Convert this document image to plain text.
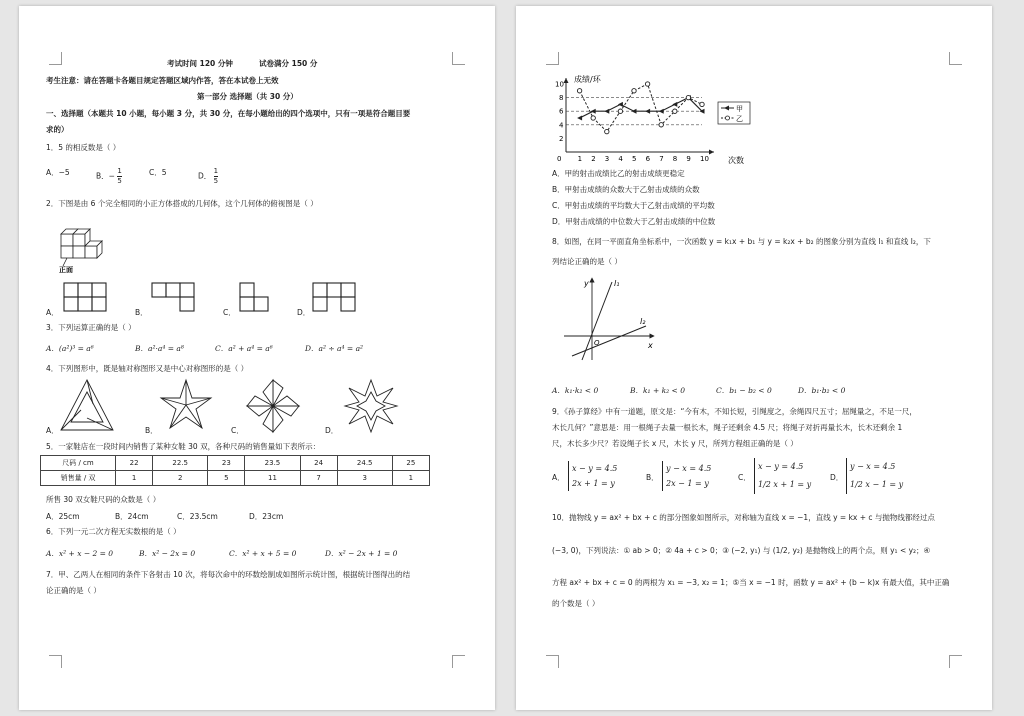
考试时间 120 分钟	试卷满分 150 分
考生注意：请在答题卡各题目规定答题区域内作答，答在本试卷上无效
第一部分 选择题（共 30 分）
一、选择题（本题共 10 小题，每小题 3 分，共 30 分，在每小题给出的四个选项中，只有一项是符合题目要
求的）
1．5 的相反数是（ ）
A．−5	B．− $\frac{1}{5}$	C．5	D． $\frac{1}{5}$
2．下图是由 6 个完全相同的小正方体搭成的几何体，这个几何体的俯视图是（ ）
正面
A．	B．	C．	D．
3．下列运算正确的是（ ）
A．(a²)³ = a⁶	B．a²·a⁴ = a⁸	C．a² + a⁴ = a⁶	D．a² ÷ a⁴ = a²
4．下列图形中，既是轴对称图形又是中心对称图形的是（ ）
A．	B．	C．	D．
5．一家鞋店在一段时间内销售了某种女鞋 30 双，各种尺码的销售量如下表所示：
尺码 / cm	22	22.5	23	23.5	24	24.5	25
销售量 / 双	1	2	5	11	7	3	1
所售 30 双女鞋尺码的众数是（ ）
A．25cm	B．24cm	C．23.5cm	D．23cm
6．下列一元二次方程无实数根的是（ ）
A．x² + x − 2 = 0	B．x² − 2x = 0	C．x² + x + 5 = 0	D．x² − 2x + 1 = 0
7．甲、乙两人在相同的条件下各射击 10 次，将每次命中的环数绘制成如图所示统计图，根据统计图得出的结
论正确的是（ ）
0 1 2 3 4 5 6 7 8 9 10
2
4
6
8
10
成绩/环
次数
甲
乙
A．甲的射击成绩比乙的射击成绩更稳定
B．甲射击成绩的众数大于乙射击成绩的众数
C．甲射击成绩的平均数大于乙射击成绩的平均数
D．甲射击成绩的中位数大于乙射击成绩的中位数
8．如图，在同一平面直角坐标系中，一次函数 y = k₁x + b₁ 与 y = k₂x + b₂ 的图象分别为直线 l₁ 和直线 l₂，下
列结论正确的是（ ）
y
x
O
l₁
l₂
A．k₁·k₂ < 0	B．k₁ + k₂ < 0	C．b₁ − b₂ < 0	D．b₁·b₂ < 0
9．《孙子算经》中有一道题，原文是：“今有木，不知长短，引绳度之，余绳四尺五寸；屈绳量之，不足一尺，
木长几何？”意思是：用一根绳子去量一根长木，绳子还剩余 4.5 尺；将绳子对折再量长木，长木还剩余 1
尺，木长多少尺？若设绳子长 x 尺，木长 y 尺，所列方程组正确的是（ ）
A．
x − y = 4.5
2x + 1 = y
B．
y − x = 4.5
2x − 1 = y
C．
x − y = 4.5
1/2 x + 1 = y
D．
y − x = 4.5
1/2 x − 1 = y
10．抛物线 y = ax² + bx + c 的部分图象如图所示，对称轴为直线 x = −1，直线 y = kx + c 与抛物线都经过点
(−3, 0)，下列说法：① ab > 0；② 4a + c > 0；③ (−2, y₁) 与 (1/2, y₂) 是抛物线上的两个点，则 y₁ < y₂；④
方程 ax² + bx + c = 0 的两根为 x₁ = −3, x₂ = 1；⑤当 x = −1 时，函数 y = ax² + (b − k)x 有最大值，其中正确
的个数是（ ）
